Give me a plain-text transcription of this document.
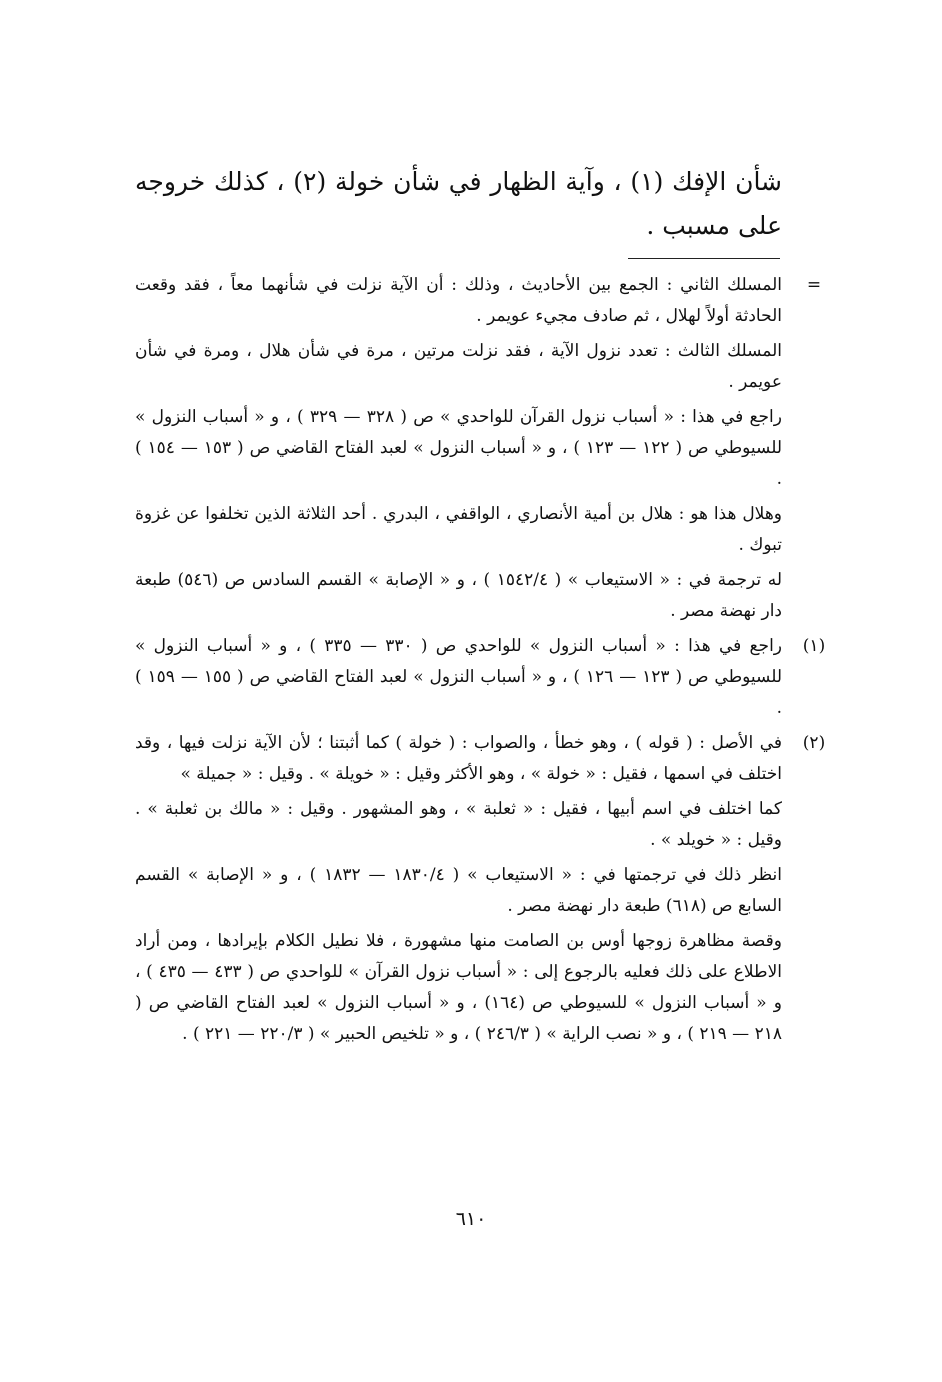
شأن الإفك (١) ، وآية الظهار في شأن خولة (٢) ، كذلك خروجه على مسبب .

=

المسلك الثاني : الجمع بين الأحاديث ، وذلك : أن الآية نزلت في شأنهما معاً ، فقد وقعت الحادثة أولاً لهلال ، ثم صادف مجيء عويمر .

المسلك الثالث : تعدد نزول الآية ، فقد نزلت مرتين ، مرة في شأن هلال ، ومرة في شأن عويمر .

راجع في هذا : « أسباب نزول القرآن للواحدي » ص ( ٣٢٨ — ٣٢٩ ) ، و « أسباب النزول » للسيوطي ص ( ١٢٢ — ١٢٣ ) ، و « أسباب النزول » لعبد الفتاح القاضي ص ( ١٥٣ — ١٥٤ ) .

وهلال هذا هو : هلال بن أمية الأنصاري ، الواقفي ، البدري . أحد الثلاثة الذين تخلفوا عن غزوة تبوك .

له ترجمة في : « الاستيعاب » ( ١٥٤٢/٤ ) ، و « الإصابة » القسم السادس ص (٥٤٦) طبعة دار نهضة مصر .

(١)

راجع في هذا : « أسباب النزول » للواحدي ص ( ٣٣٠ — ٣٣٥ ) ، و « أسباب النزول » للسيوطي ص ( ١٢٣ — ١٢٦ ) ، و « أسباب النزول » لعبد الفتاح القاضي ص ( ١٥٥ — ١٥٩ ) .

(٢)

في الأصل : ( قوله ) ، وهو خطأ ، والصواب : ( خولة ) كما أثبتنا ؛ لأن الآية نزلت فيها ، وقد اختلف في اسمها ، فقيل : « خولة » ، وهو الأكثر وقيل : « خويلة » . وقيل : « جميلة »

كما اختلف في اسم أبيها ، فقيل : « ثعلبة » ، وهو المشهور . وقيل : « مالك بن ثعلبة » . وقيل : « خويلد » .

انظر ذلك في ترجمتها في : « الاستيعاب » ( ١٨٣٠/٤ — ١٨٣٢ ) ، و « الإصابة » القسم السابع ص (٦١٨) طبعة دار نهضة مصر .

وقصة مظاهرة زوجها أوس بن الصامت منها مشهورة ، فلا نطيل الكلام بإيرادها ، ومن أراد الاطلاع على ذلك فعليه بالرجوع إلى : « أسباب نزول القرآن » للواحدي ص ( ٤٣٣ — ٤٣٥ ) ، و « أسباب النزول » للسيوطي ص (١٦٤) ، و « أسباب النزول » لعبد الفتاح القاضي ص ( ٢١٨ — ٢١٩ ) ، و « نصب الراية » ( ٢٤٦/٣ ) ، و « تلخيص الحبير » ( ٢٢٠/٣ — ٢٢١ ) .

٦١٠
